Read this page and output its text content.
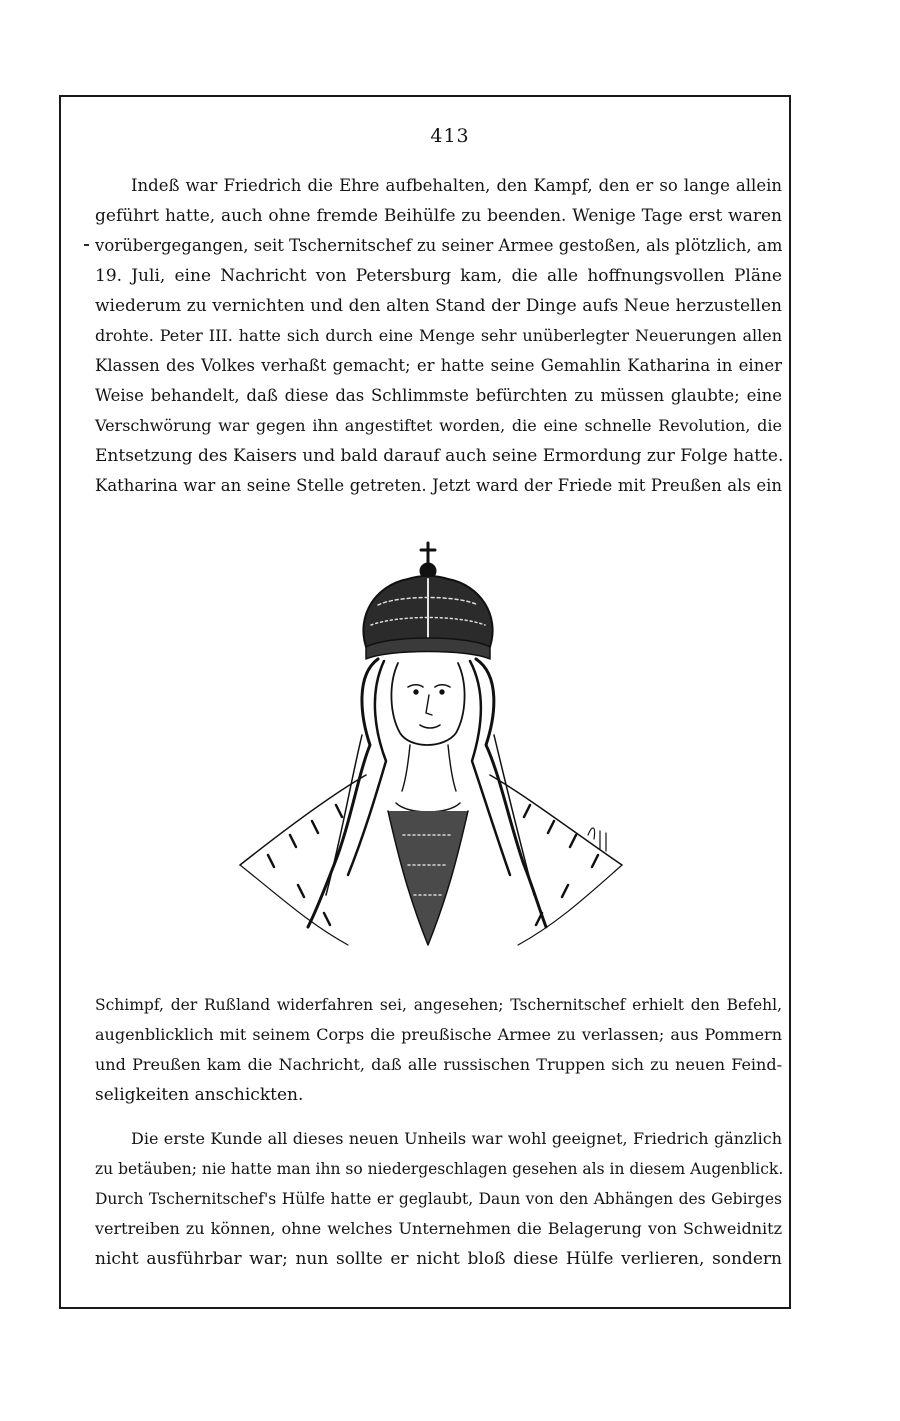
413
Indeß war Friedrich die Ehre aufbehalten, den Kampf, den er so lange allein
geführt hatte, auch ohne fremde Beihülfe zu beenden. Wenige Tage erst waren
vorübergegangen, seit Tschernitschef zu seiner Armee gestoßen, als plötzlich, am
19. Juli, eine Nachricht von Petersburg kam, die alle hoffnungsvollen Pläne
wiederum zu vernichten und den alten Stand der Dinge aufs Neue herzustellen
drohte. Peter III. hatte sich durch eine Menge sehr unüberlegter Neuerungen allen
Klassen des Volkes verhaßt gemacht; er hatte seine Gemahlin Katharina in einer
Weise behandelt, daß diese das Schlimmste befürchten zu müssen glaubte; eine
Verschwörung war gegen ihn angestiftet worden, die eine schnelle Revolution, die
Entsetzung des Kaisers und bald darauf auch seine Ermordung zur Folge hatte.
Katharina war an seine Stelle getreten. Jetzt ward der Friede mit Preußen als ein
Schimpf, der Rußland widerfahren sei, angesehen; Tschernitschef erhielt den Befehl,
augenblicklich mit seinem Corps die preußische Armee zu verlassen; aus Pommern
und Preußen kam die Nachricht, daß alle russischen Truppen sich zu neuen Feind-
seligkeiten anschickten.
Die erste Kunde all dieses neuen Unheils war wohl geeignet, Friedrich gänzlich
zu betäuben; nie hatte man ihn so niedergeschlagen gesehen als in diesem Augenblick.
Durch Tschernitschef's Hülfe hatte er geglaubt, Daun von den Abhängen des Gebirges
vertreiben zu können, ohne welches Unternehmen die Belagerung von Schweidnitz
nicht ausführbar war; nun sollte er nicht bloß diese Hülfe verlieren, sondern
